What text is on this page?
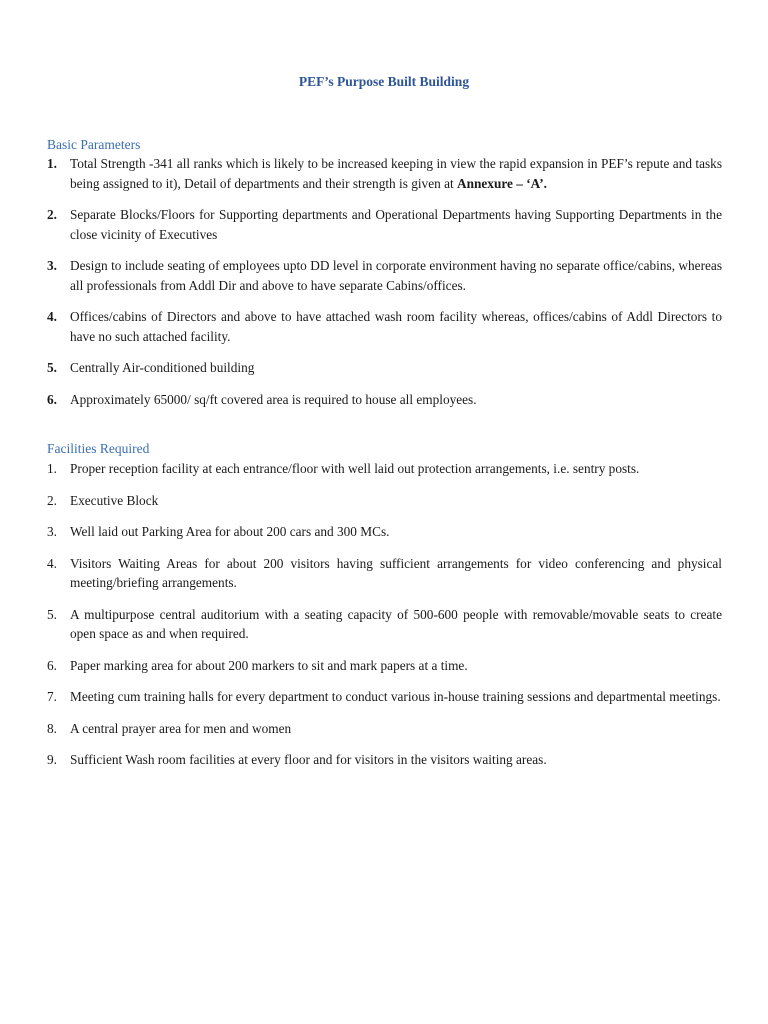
PEF’s Purpose Built Building
Basic Parameters
1. Total Strength -341 all ranks which is likely to be increased keeping in view the rapid expansion in PEF’s repute and tasks being assigned to it), Detail of departments and their strength is given at Annexure – ‘A’.
2. Separate Blocks/Floors for Supporting departments and Operational Departments having Supporting Departments in the close vicinity of Executives
3. Design to include seating of employees upto DD level in corporate environment having no separate office/cabins, whereas all professionals from Addl Dir and above to have separate Cabins/offices.
4. Offices/cabins of Directors and above to have attached wash room facility whereas, offices/cabins of Addl Directors to have no such attached facility.
5. Centrally Air-conditioned building
6. Approximately 65000/ sq/ft covered area is required to house all employees.
Facilities Required
1. Proper reception facility at each entrance/floor with well laid out protection arrangements, i.e. sentry posts.
2. Executive Block
3. Well laid out Parking Area for about 200 cars and 300 MCs.
4. Visitors Waiting Areas for about 200 visitors having sufficient arrangements for video conferencing and physical meeting/briefing arrangements.
5. A multipurpose central auditorium with a seating capacity of 500-600 people with removable/movable seats to create open space as and when required.
6. Paper marking area for about 200 markers to sit and mark papers at a time.
7. Meeting cum training halls for every department to conduct various in-house training sessions and departmental meetings.
8. A central prayer area for men and women
9. Sufficient Wash room facilities at every floor and for visitors in the visitors waiting areas.
